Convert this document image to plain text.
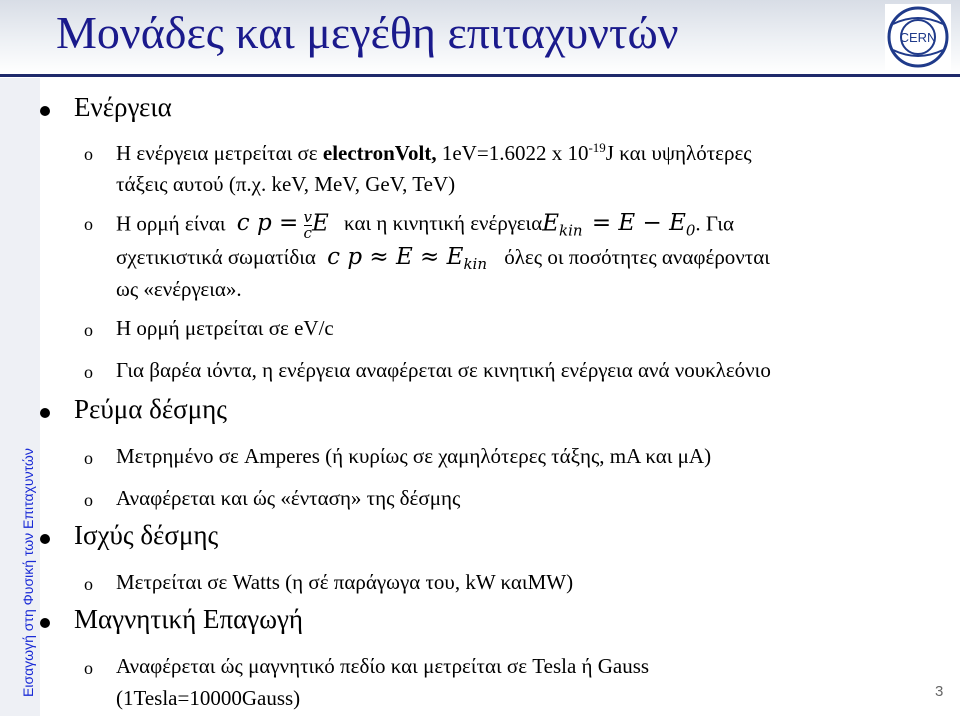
Μονάδες και μεγέθη επιταχυντών	CERN
Εισαγωγή στη Φυσική των Επιταχυντών
Ενέργεια
o Η ενέργεια μετρείται σε electronVolt, 1eV=1.6022 x $10^{-19}J$ και υψηλότερες
τάξεις αυτού (π.χ. keV, MeV, GeV, TeV)
o Η ορμή είναι c $p = \frac{v}{c}$ E και η κινητική $\varepsilon\nu έ\rho\gamma\varepsilon\iota\alpha E_{kin} = E - E_0$. Για
σχετικιστικά σωματίδια c $p \approx E \approx E_{kin}$ όλες οι ποσότητες αναφέρονται
ως «ενέργεια».
o Η ορμή μετρείται σε eV/c
o Για βαρέα ιόντα, η ενέργεια αναφέρεται σε κινητική ενέργεια ανά νουκλεόνιο
Ρεύμα δέσμης
o Μετρημένο σε Amperes (ή κυρίως σε χαμηλότερες τάξης, mA και μA)
o Αναφέρεται και ώς «ένταση» της δέσμης
Ισχύς δέσμης
o Μετρείται σε Watts (η σέ παράγωγα του, kW καιMW)
Μαγνητική Επαγωγή
o Αναφέρεται ώς μαγνητικό πεδίο και μετρείται σε Tesla ή Gauss
(1Tesla=10000Gauss)	3
